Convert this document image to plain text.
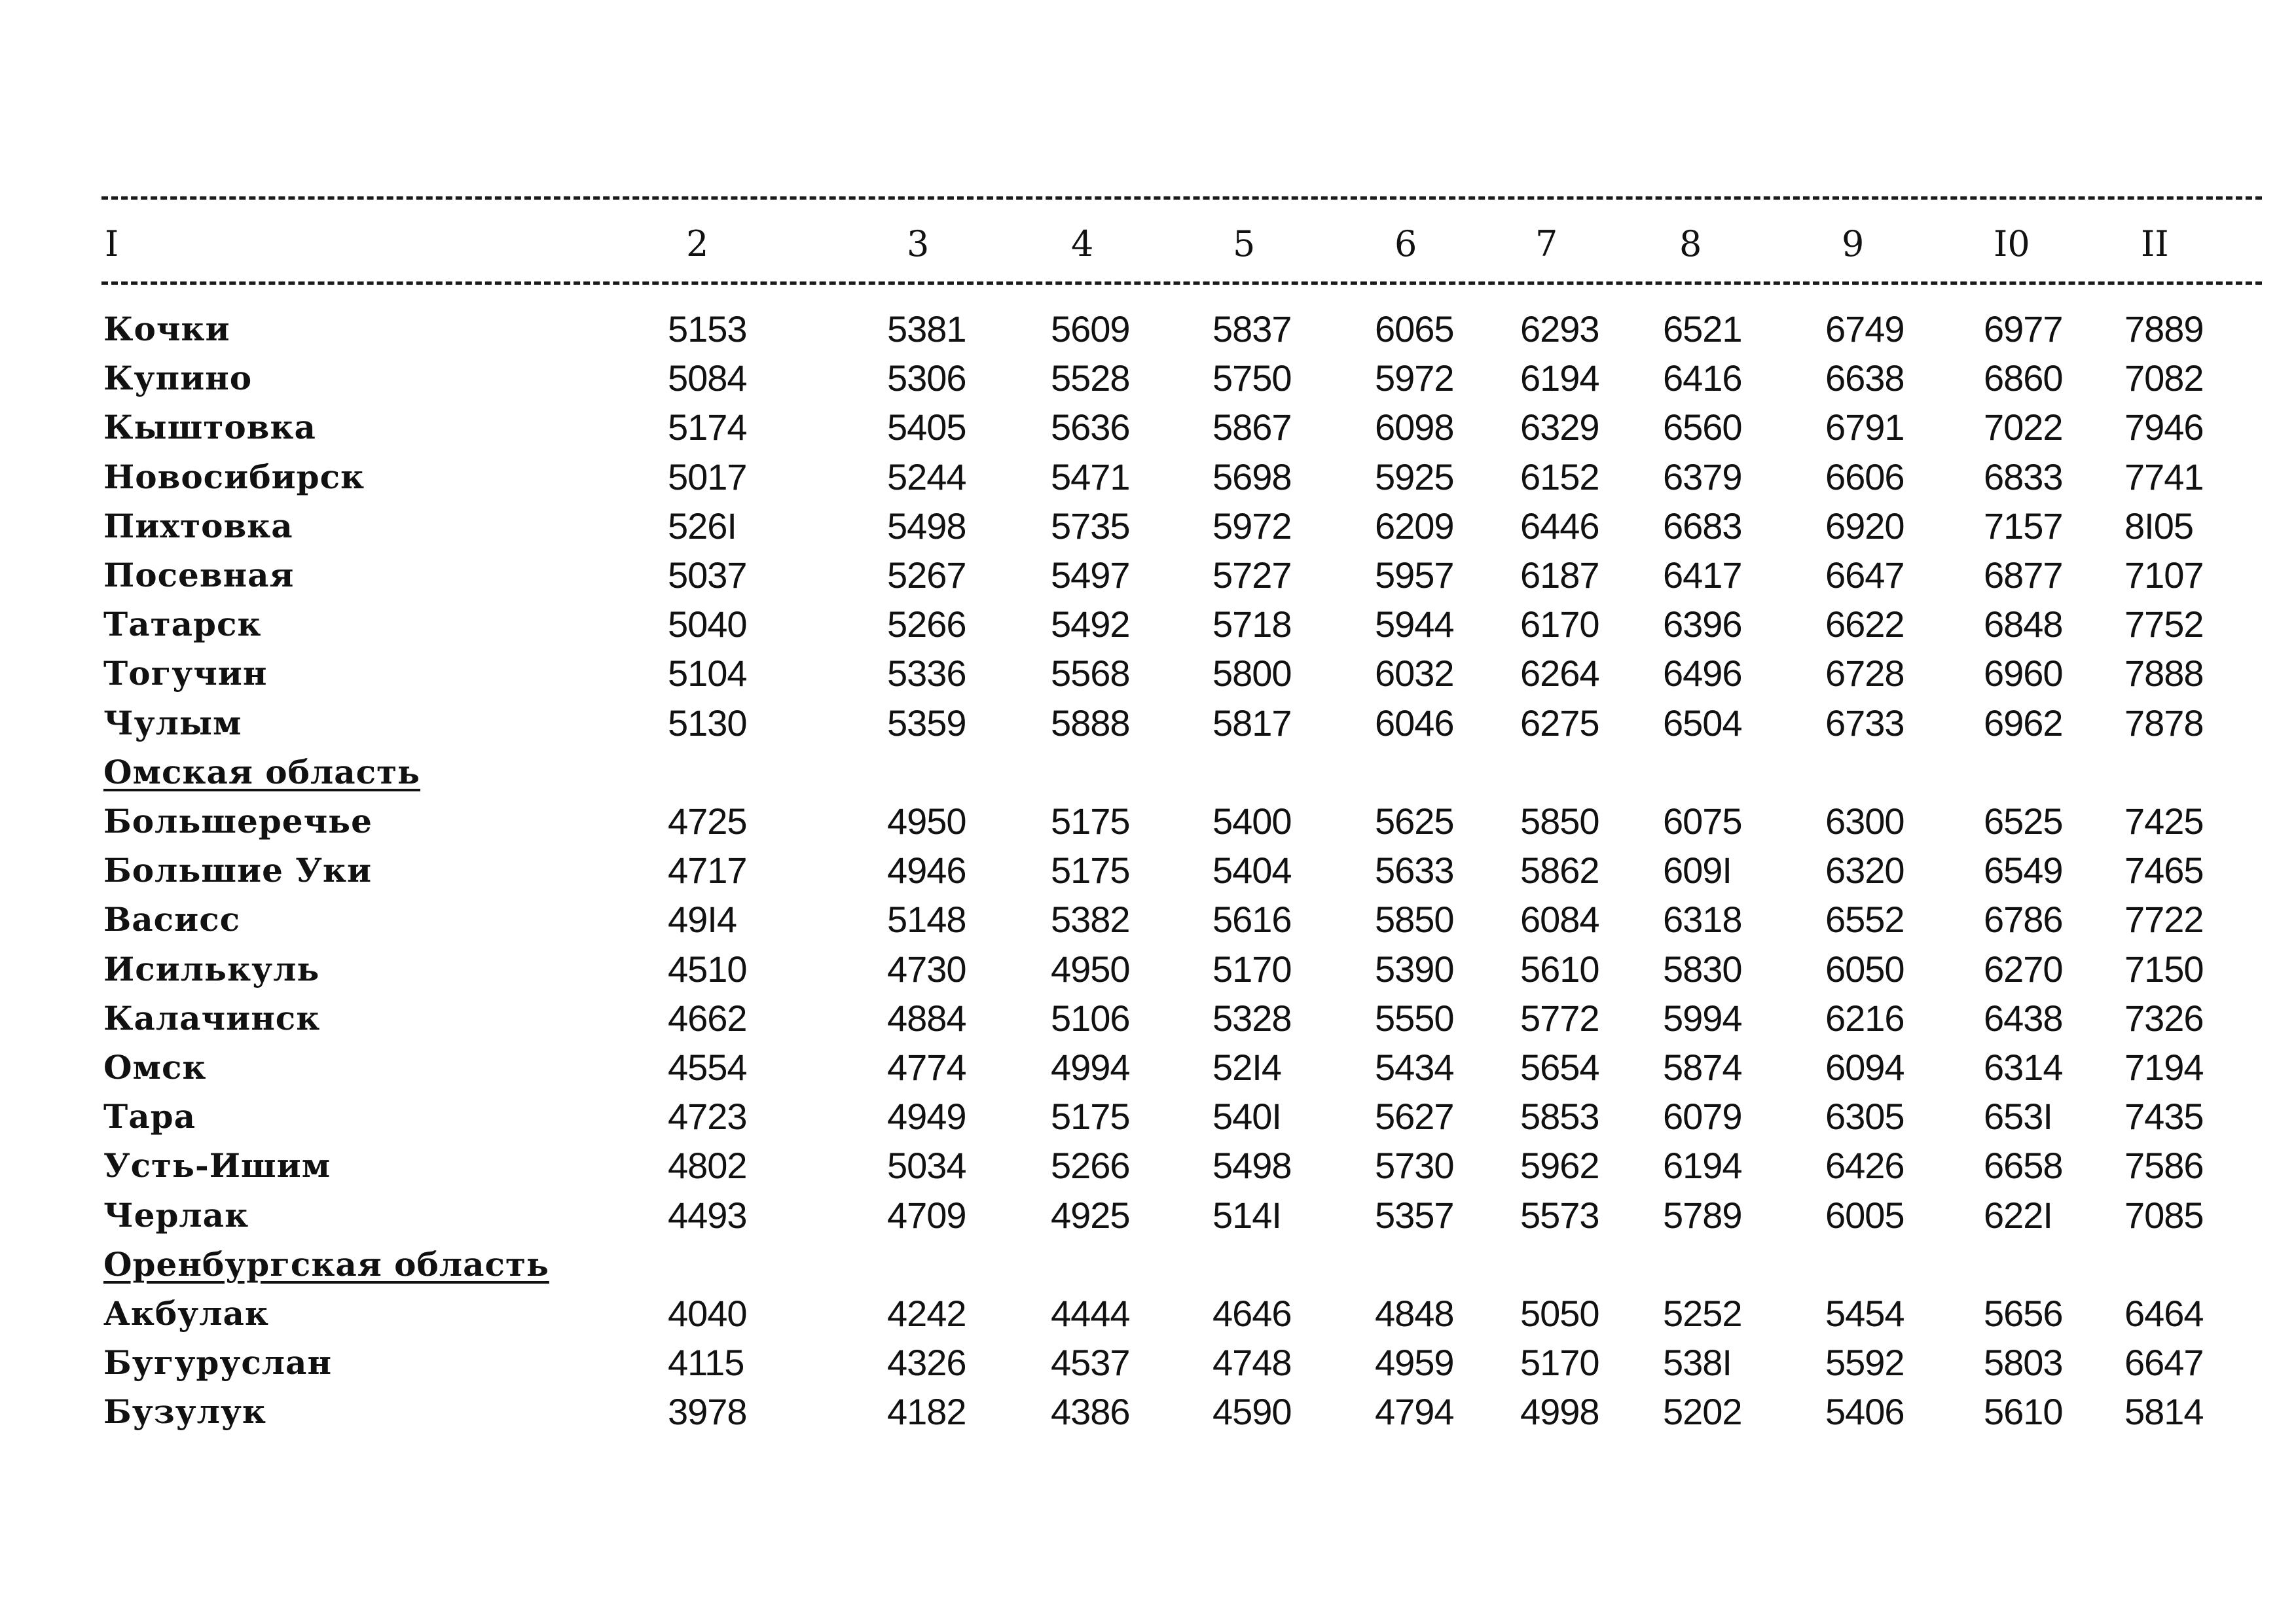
I	2	3	4	5	6	7	8	9	I0	II
Кочки	5153	5381 5609 5837 6065 6293 6521 6749 6977 7889
Купино	5084	5306 5528 5750 5972 6194 6416 6638 6860 7082
Кыштовка	5174	5405 5636 5867 6098 6329 6560 6791 7022 7946
Новосибирск	5017	5244 5471 5698 5925 6152 6379 6606 6833 7741
Пихтовка	526I	5498 5735 5972 6209 6446 6683 6920 7157 8I05
Посевная	5037	5267 5497 5727 5957 6187 6417 6647 6877 7107
Татарск	5040	5266 5492 5718 5944 6170 6396 6622 6848 7752
Тогучин	5104	5336 5568 5800 6032 6264 6496 6728 6960 7888
Чулым	5130	5359 5888 5817 6046 6275 6504 6733 6962 7878
Омская область
Большеречье	4725	4950 5175 5400 5625 5850 6075 6300 6525 7425
Большие Уки	4717	4946 5175 5404 5633 5862 609I	6320 6549 7465
Васисс	49I4	5148 5382 5616 5850 6084 6318 6552 6786 7722
Исилькуль	4510	4730 4950 5170 5390 5610 5830 6050 6270 7150
Калачинск	4662	4884 5106 5328 5550 5772 5994 6216 6438 7326
Омск	4554	4774 4994 52I4	5434 5654 5874 6094 6314 7194
Тара	4723	4949 5175 540I	5627 5853 6079 6305 653I 7435
Усть-Ишим	4802	5034 5266 5498 5730 5962 6194 6426 6658 7586
Черлак	4493	4709 4925 514I	5357 5573 5789 6005 622I 7085
Оренбургская область
Акбулак	4040	4242 4444 4646 4848 5050 5252 5454 5656 6464
Бугуруслан	4115	4326 4537 4748 4959 5170 538I	5592 5803 6647
Бузулук	3978	4182 4386 4590 4794 4998 5202 5406 5610 5814
